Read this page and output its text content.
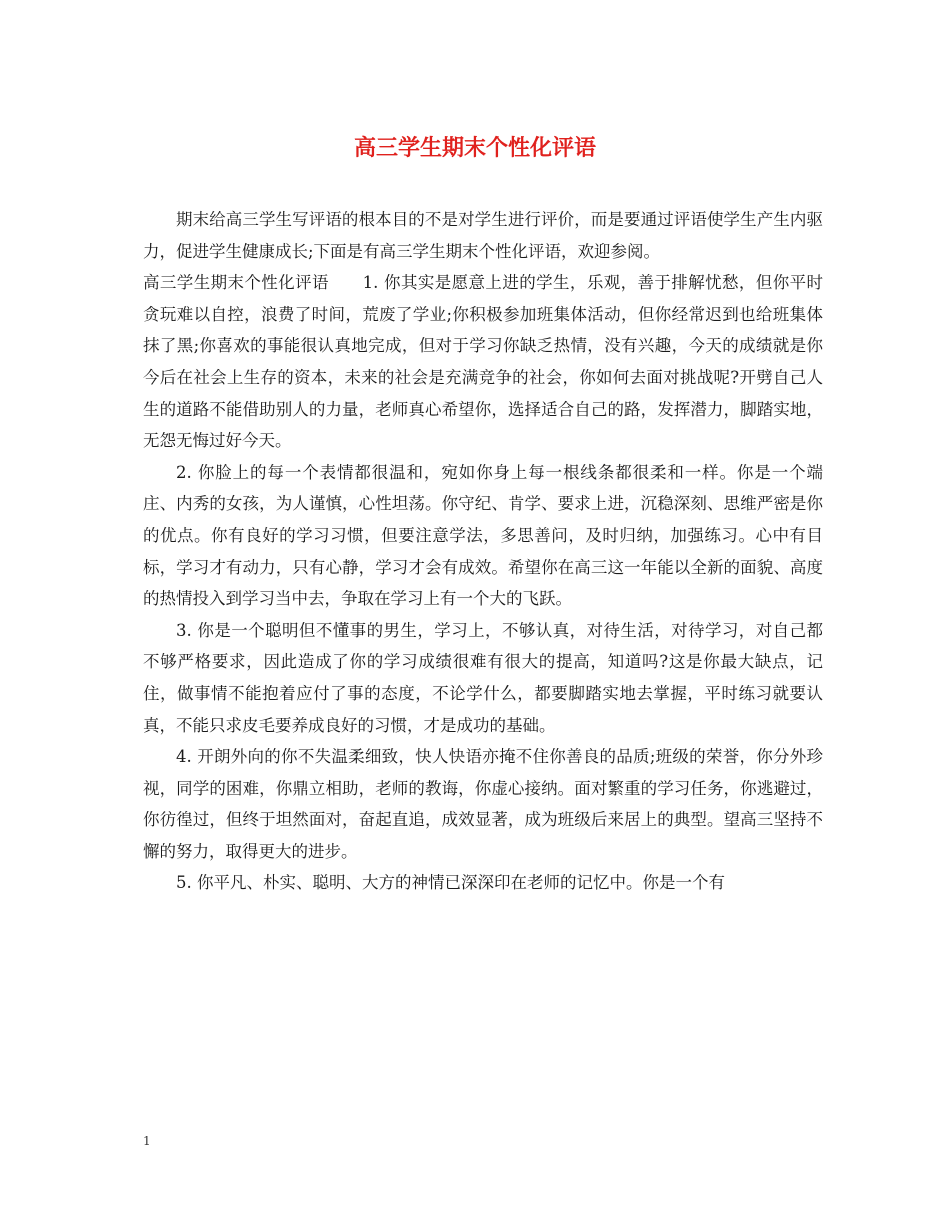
高三学生期末个性化评语

期末给高三学生写评语的根本目的不是对学生进行评价，而是要通过评语使学生产生内驱力，促进学生健康成长;下面是有高三学生期末个性化评语，欢迎参阅。

高三学生期末个性化评语　　1. 你其实是愿意上进的学生，乐观，善于排解忧愁，但你平时贪玩难以自控，浪费了时间，荒废了学业;你积极参加班集体活动，但你经常迟到也给班集体抹了黑;你喜欢的事能很认真地完成，但对于学习你缺乏热情，没有兴趣，今天的成绩就是你今后在社会上生存的资本，未来的社会是充满竞争的社会，你如何去面对挑战呢?开劈自己人生的道路不能借助别人的力量，老师真心希望你，选择适合自己的路，发挥潜力，脚踏实地，无怨无悔过好今天。

2. 你脸上的每一个表情都很温和，宛如你身上每一根线条都很柔和一样。你是一个端庄、内秀的女孩，为人谨慎，心性坦荡。你守纪、肯学、要求上进，沉稳深刻、思维严密是你的优点。你有良好的学习习惯，但要注意学法，多思善问，及时归纳，加强练习。心中有目标，学习才有动力，只有心静，学习才会有成效。希望你在高三这一年能以全新的面貌、高度的热情投入到学习当中去，争取在学习上有一个大的飞跃。

3. 你是一个聪明但不懂事的男生，学习上，不够认真，对待生活，对待学习，对自己都不够严格要求，因此造成了你的学习成绩很难有很大的提高，知道吗?这是你最大缺点，记住，做事情不能抱着应付了事的态度，不论学什么，都要脚踏实地去掌握，平时练习就要认真，不能只求皮毛要养成良好的习惯，才是成功的基础。

4. 开朗外向的你不失温柔细致，快人快语亦掩不住你善良的品质;班级的荣誉，你分外珍视，同学的困难，你鼎立相助，老师的教诲，你虚心接纳。面对繁重的学习任务，你逃避过，你彷徨过，但终于坦然面对，奋起直追，成效显著，成为班级后来居上的典型。望高三坚持不懈的努力，取得更大的进步。

5. 你平凡、朴实、聪明、大方的神情已深深印在老师的记忆中。你是一个有

1
